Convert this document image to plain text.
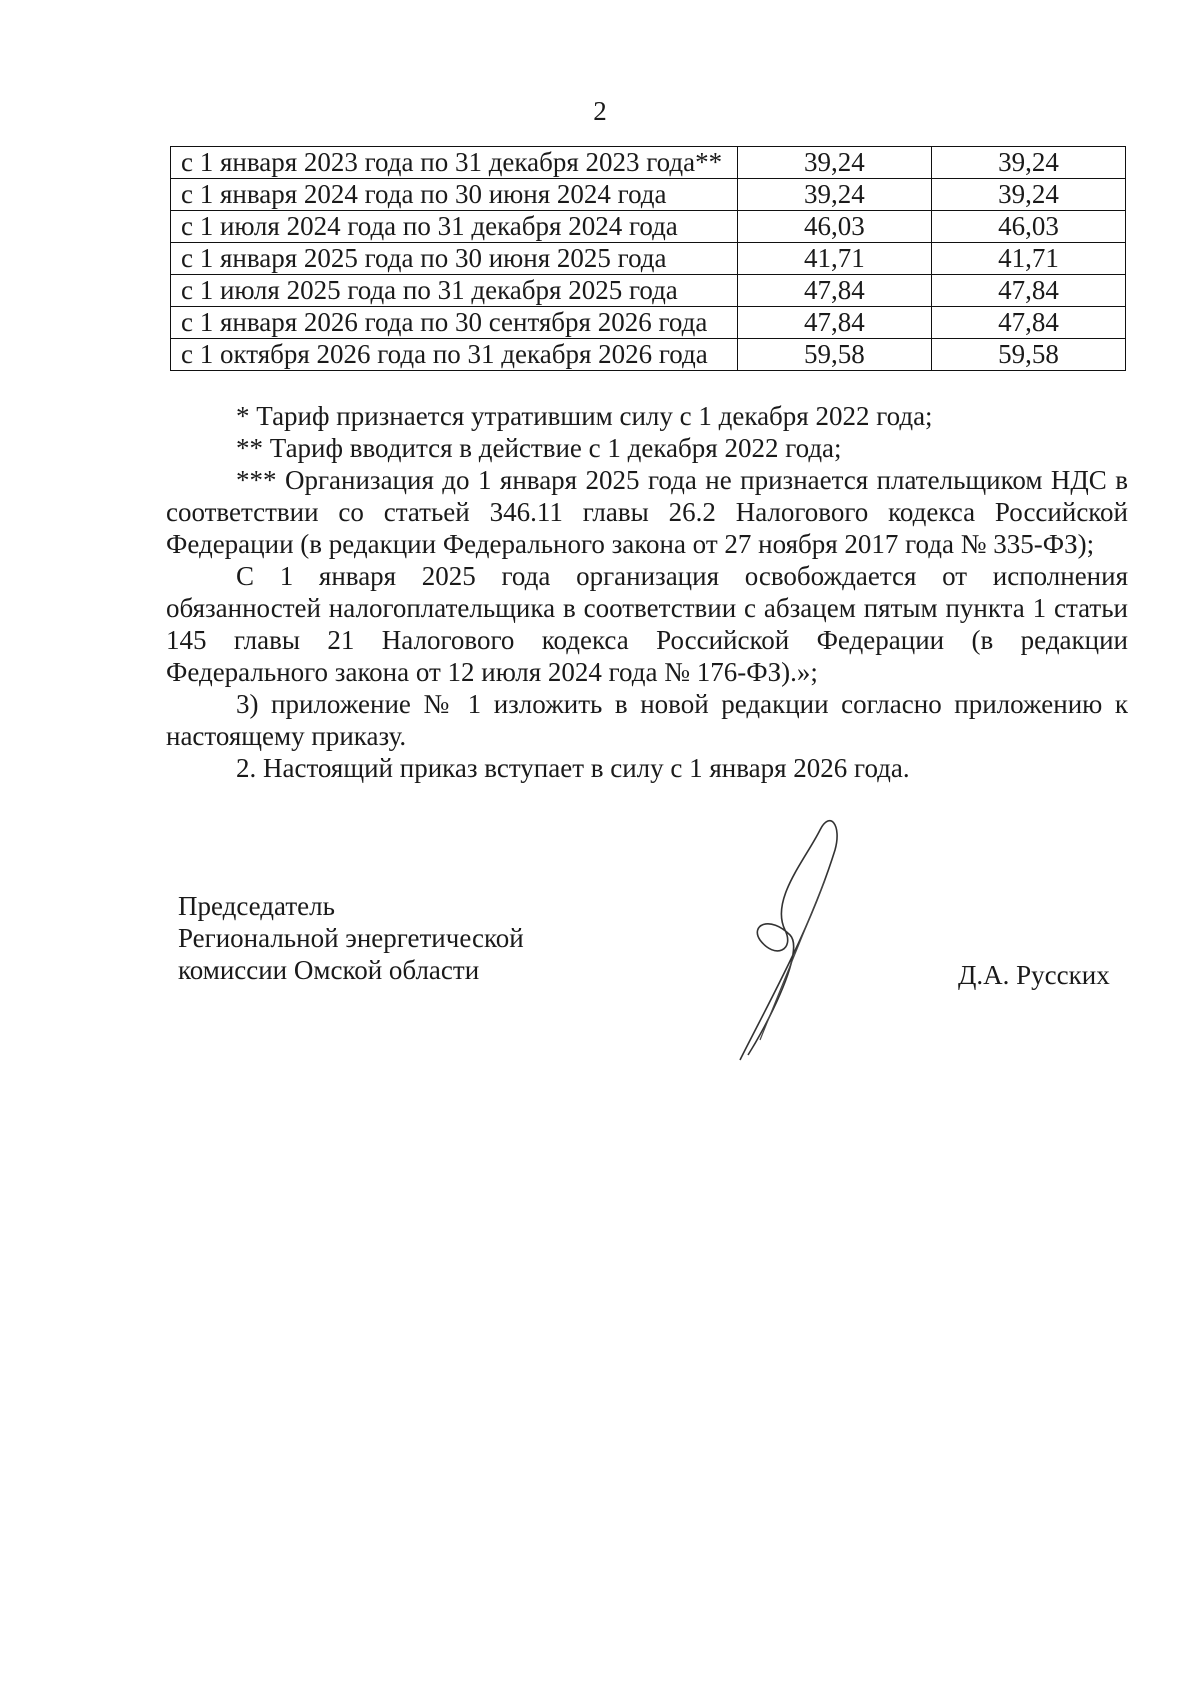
2
с 1 января 2023 года по 31 декабря 2023 года**	39,24	39,24
с 1 января 2024 года по 30 июня 2024 года	39,24	39,24
с 1 июля 2024 года по 31 декабря 2024 года	46,03	46,03
с 1 января 2025 года по 30 июня 2025 года	41,71	41,71
с 1 июля 2025 года по 31 декабря 2025 года	47,84	47,84
с 1 января 2026 года по 30 сентября 2026 года	47,84	47,84
с 1 октября 2026 года по 31 декабря 2026 года	59,58	59,58

* Тариф признается утратившим силу с 1 декабря 2022 года;

** Тариф вводится в действие с 1 декабря 2022 года;

*** Организация до 1 января 2025 года не признается плательщиком НДС в соответствии со статьей 346.11 главы 26.2 Налогового кодекса Российской Федерации (в редакции Федерального закона от 27 ноября 2017 года № 335-ФЗ);

С 1 января 2025 года организация освобождается от исполнения обязанностей налогоплательщика в соответствии с абзацем пятым пункта 1 статьи 145 главы 21 Налогового кодекса Российской Федерации (в редакции Федерального закона от 12 июля 2024 года № 176-ФЗ).»;

3) приложение № 1 изложить в новой редакции согласно приложению к настоящему приказу.

2. Настоящий приказ вступает в силу с 1 января 2026 года.

Председатель
Региональной энергетической
комиссии Омской области	Д.А. Русских
